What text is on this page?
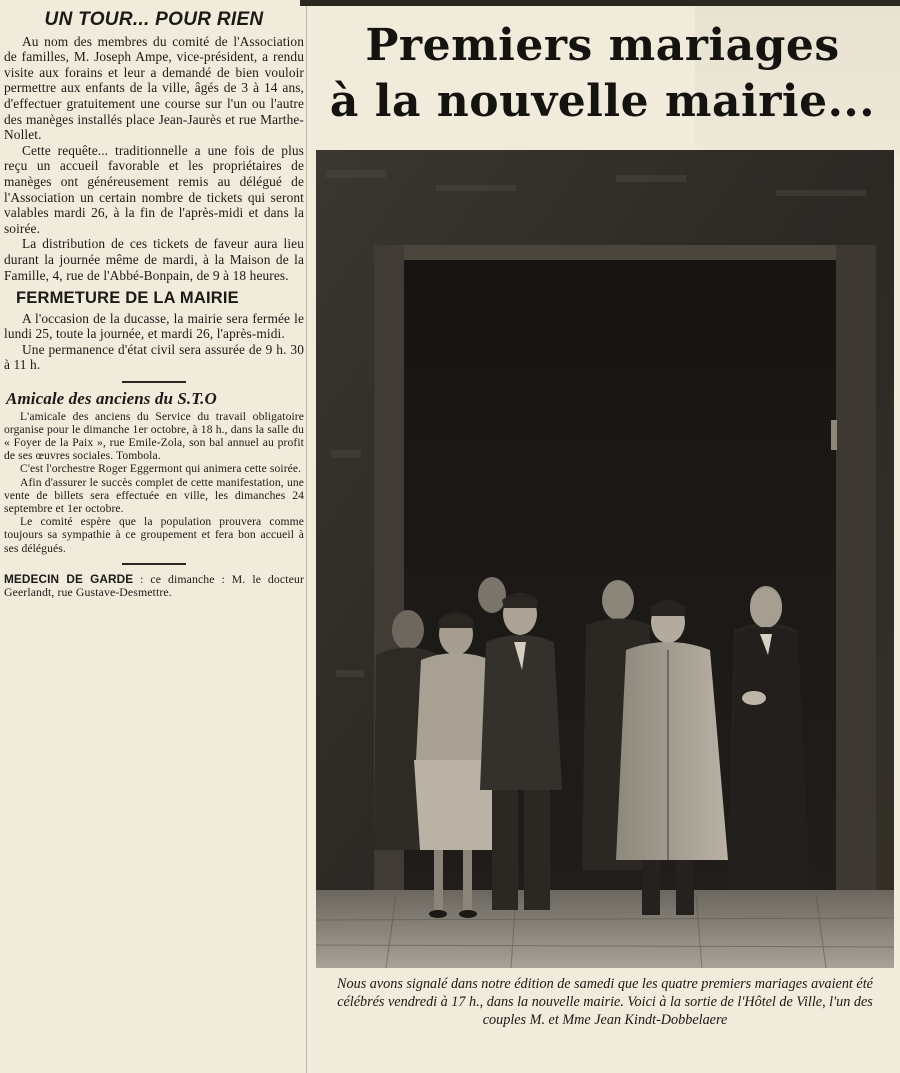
UN TOUR... POUR RIEN

Au nom des membres du comité de l'Association de familles, M. Joseph Ampe, vice-président, a rendu visite aux forains et leur a demandé de bien vouloir permettre aux enfants de la ville, âgés de 3 à 14 ans, d'effectuer gratuitement une course sur l'un ou l'autre des manèges installés place Jean-Jaurès et rue Marthe-Nollet.

Cette requête... traditionnelle a une fois de plus reçu un accueil favorable et les propriétaires de manèges ont généreusement remis au délégué de l'Association un certain nombre de tickets qui seront valables mardi 26, à la fin de l'après-midi et dans la soirée.

La distribution de ces tickets de faveur aura lieu durant la journée même de mardi, à la Maison de la Famille, 4, rue de l'Abbé-Bonpain, de 9 à 18 heures.

FERMETURE DE LA MAIRIE

A l'occasion de la ducasse, la mairie sera fermée le lundi 25, toute la journée, et mardi 26, l'après-midi.

Une permanence d'état civil sera assurée de 9 h. 30 à 11 h.

Amicale des anciens du S.T.O

L'amicale des anciens du Service du travail obligatoire organise pour le dimanche 1er octobre, à 18 h., dans la salle du « Foyer de la Paix », rue Emile-Zola, son bal annuel au profit de ses œuvres sociales. Tombola.

C'est l'orchestre Roger Eggermont qui animera cette soirée.

Afin d'assurer le succès complet de cette manifestation, une vente de billets sera effectuée en ville, les dimanches 24 septembre et 1er octobre.

Le comité espère que la population prouvera comme toujours sa sympathie à ce groupement et fera bon accueil à ses délégués.

MEDECIN DE GARDE : ce dimanche : M. le docteur Geerlandt, rue Gustave-Desmettre.
Premiers mariages
à la nouvelle mairie...
Nous avons signalé dans notre édition de samedi que les quatre premiers mariages avaient été célébrés vendredi à 17 h., dans la nouvelle mairie. Voici à la sortie de l'Hôtel de Ville, l'un des couples M. et Mme Jean Kindt-Dobbelaere
